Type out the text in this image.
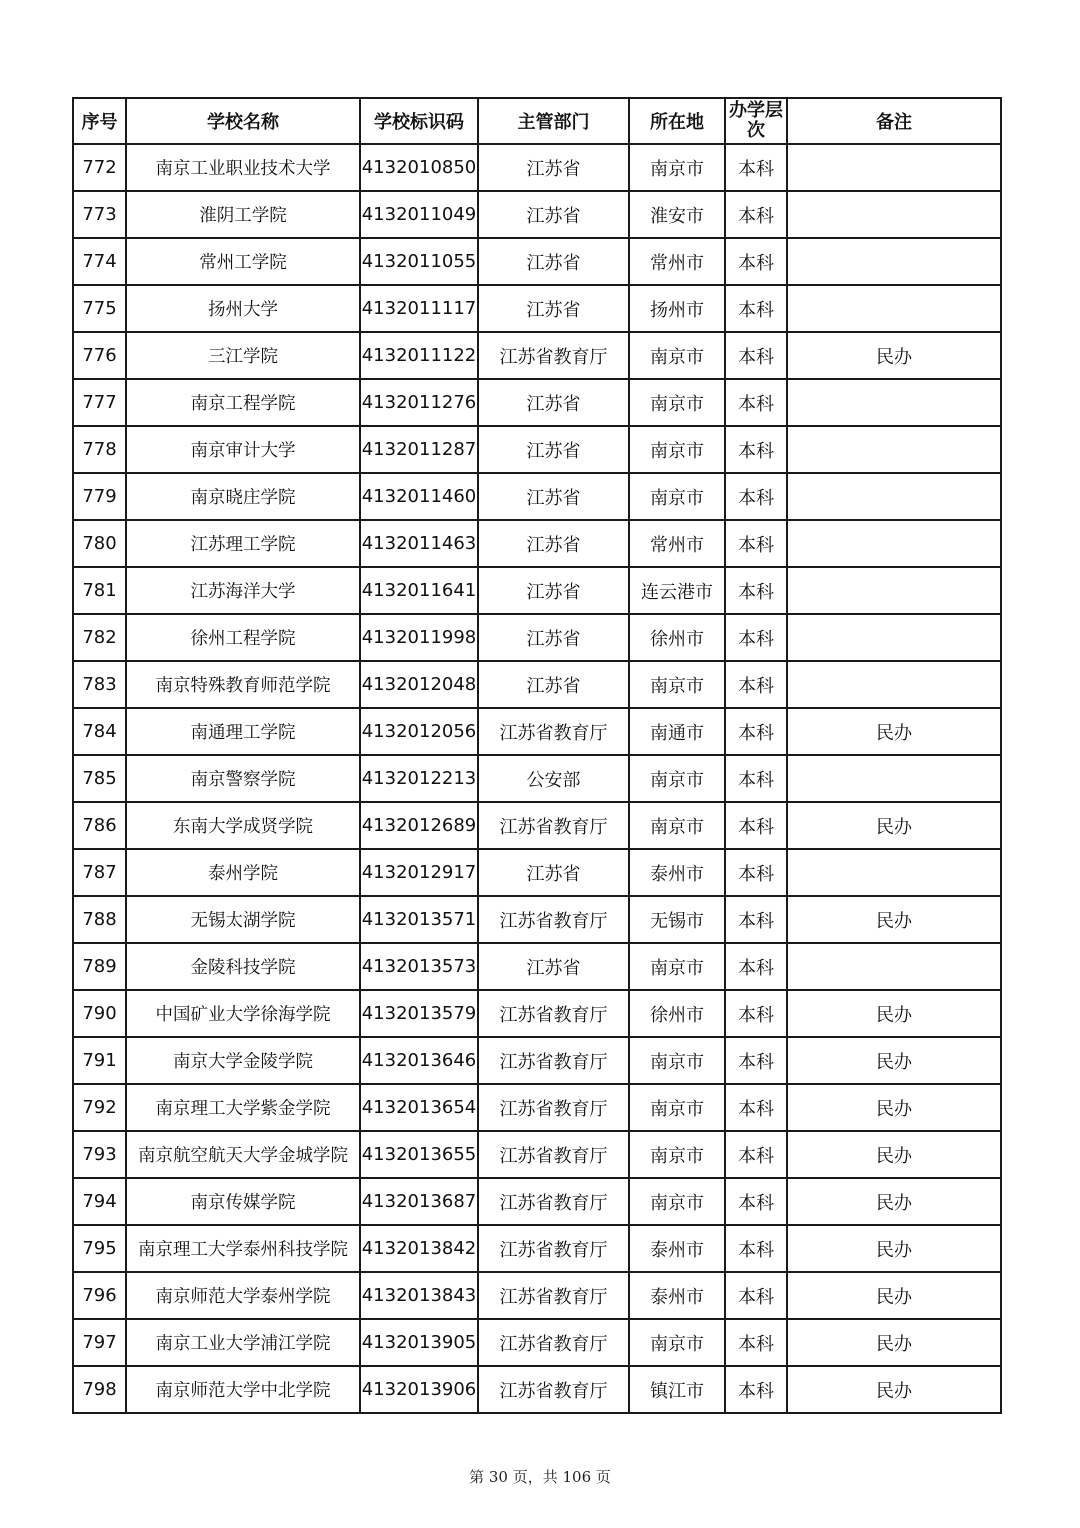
序号	学校名称	学校标识码	主管部门	所在地	办学层次	备注
772	南京工业职业技术大学	4132010850	江苏省	南京市	本科	
773	淮阴工学院	4132011049	江苏省	淮安市	本科	
774	常州工学院	4132011055	江苏省	常州市	本科	
775	扬州大学	4132011117	江苏省	扬州市	本科	
776	三江学院	4132011122	江苏省教育厅	南京市	本科	民办
777	南京工程学院	4132011276	江苏省	南京市	本科	
778	南京审计大学	4132011287	江苏省	南京市	本科	
779	南京晓庄学院	4132011460	江苏省	南京市	本科	
780	江苏理工学院	4132011463	江苏省	常州市	本科	
781	江苏海洋大学	4132011641	江苏省	连云港市	本科	
782	徐州工程学院	4132011998	江苏省	徐州市	本科	
783	南京特殊教育师范学院	4132012048	江苏省	南京市	本科	
784	南通理工学院	4132012056	江苏省教育厅	南通市	本科	民办
785	南京警察学院	4132012213	公安部	南京市	本科	
786	东南大学成贤学院	4132012689	江苏省教育厅	南京市	本科	民办
787	泰州学院	4132012917	江苏省	泰州市	本科	
788	无锡太湖学院	4132013571	江苏省教育厅	无锡市	本科	民办
789	金陵科技学院	4132013573	江苏省	南京市	本科	
790	中国矿业大学徐海学院	4132013579	江苏省教育厅	徐州市	本科	民办
791	南京大学金陵学院	4132013646	江苏省教育厅	南京市	本科	民办
792	南京理工大学紫金学院	4132013654	江苏省教育厅	南京市	本科	民办
793	南京航空航天大学金城学院	4132013655	江苏省教育厅	南京市	本科	民办
794	南京传媒学院	4132013687	江苏省教育厅	南京市	本科	民办
795	南京理工大学泰州科技学院	4132013842	江苏省教育厅	泰州市	本科	民办
796	南京师范大学泰州学院	4132013843	江苏省教育厅	泰州市	本科	民办
797	南京工业大学浦江学院	4132013905	江苏省教育厅	南京市	本科	民办
798	南京师范大学中北学院	4132013906	江苏省教育厅	镇江市	本科	民办
第 30 页，共 106 页
